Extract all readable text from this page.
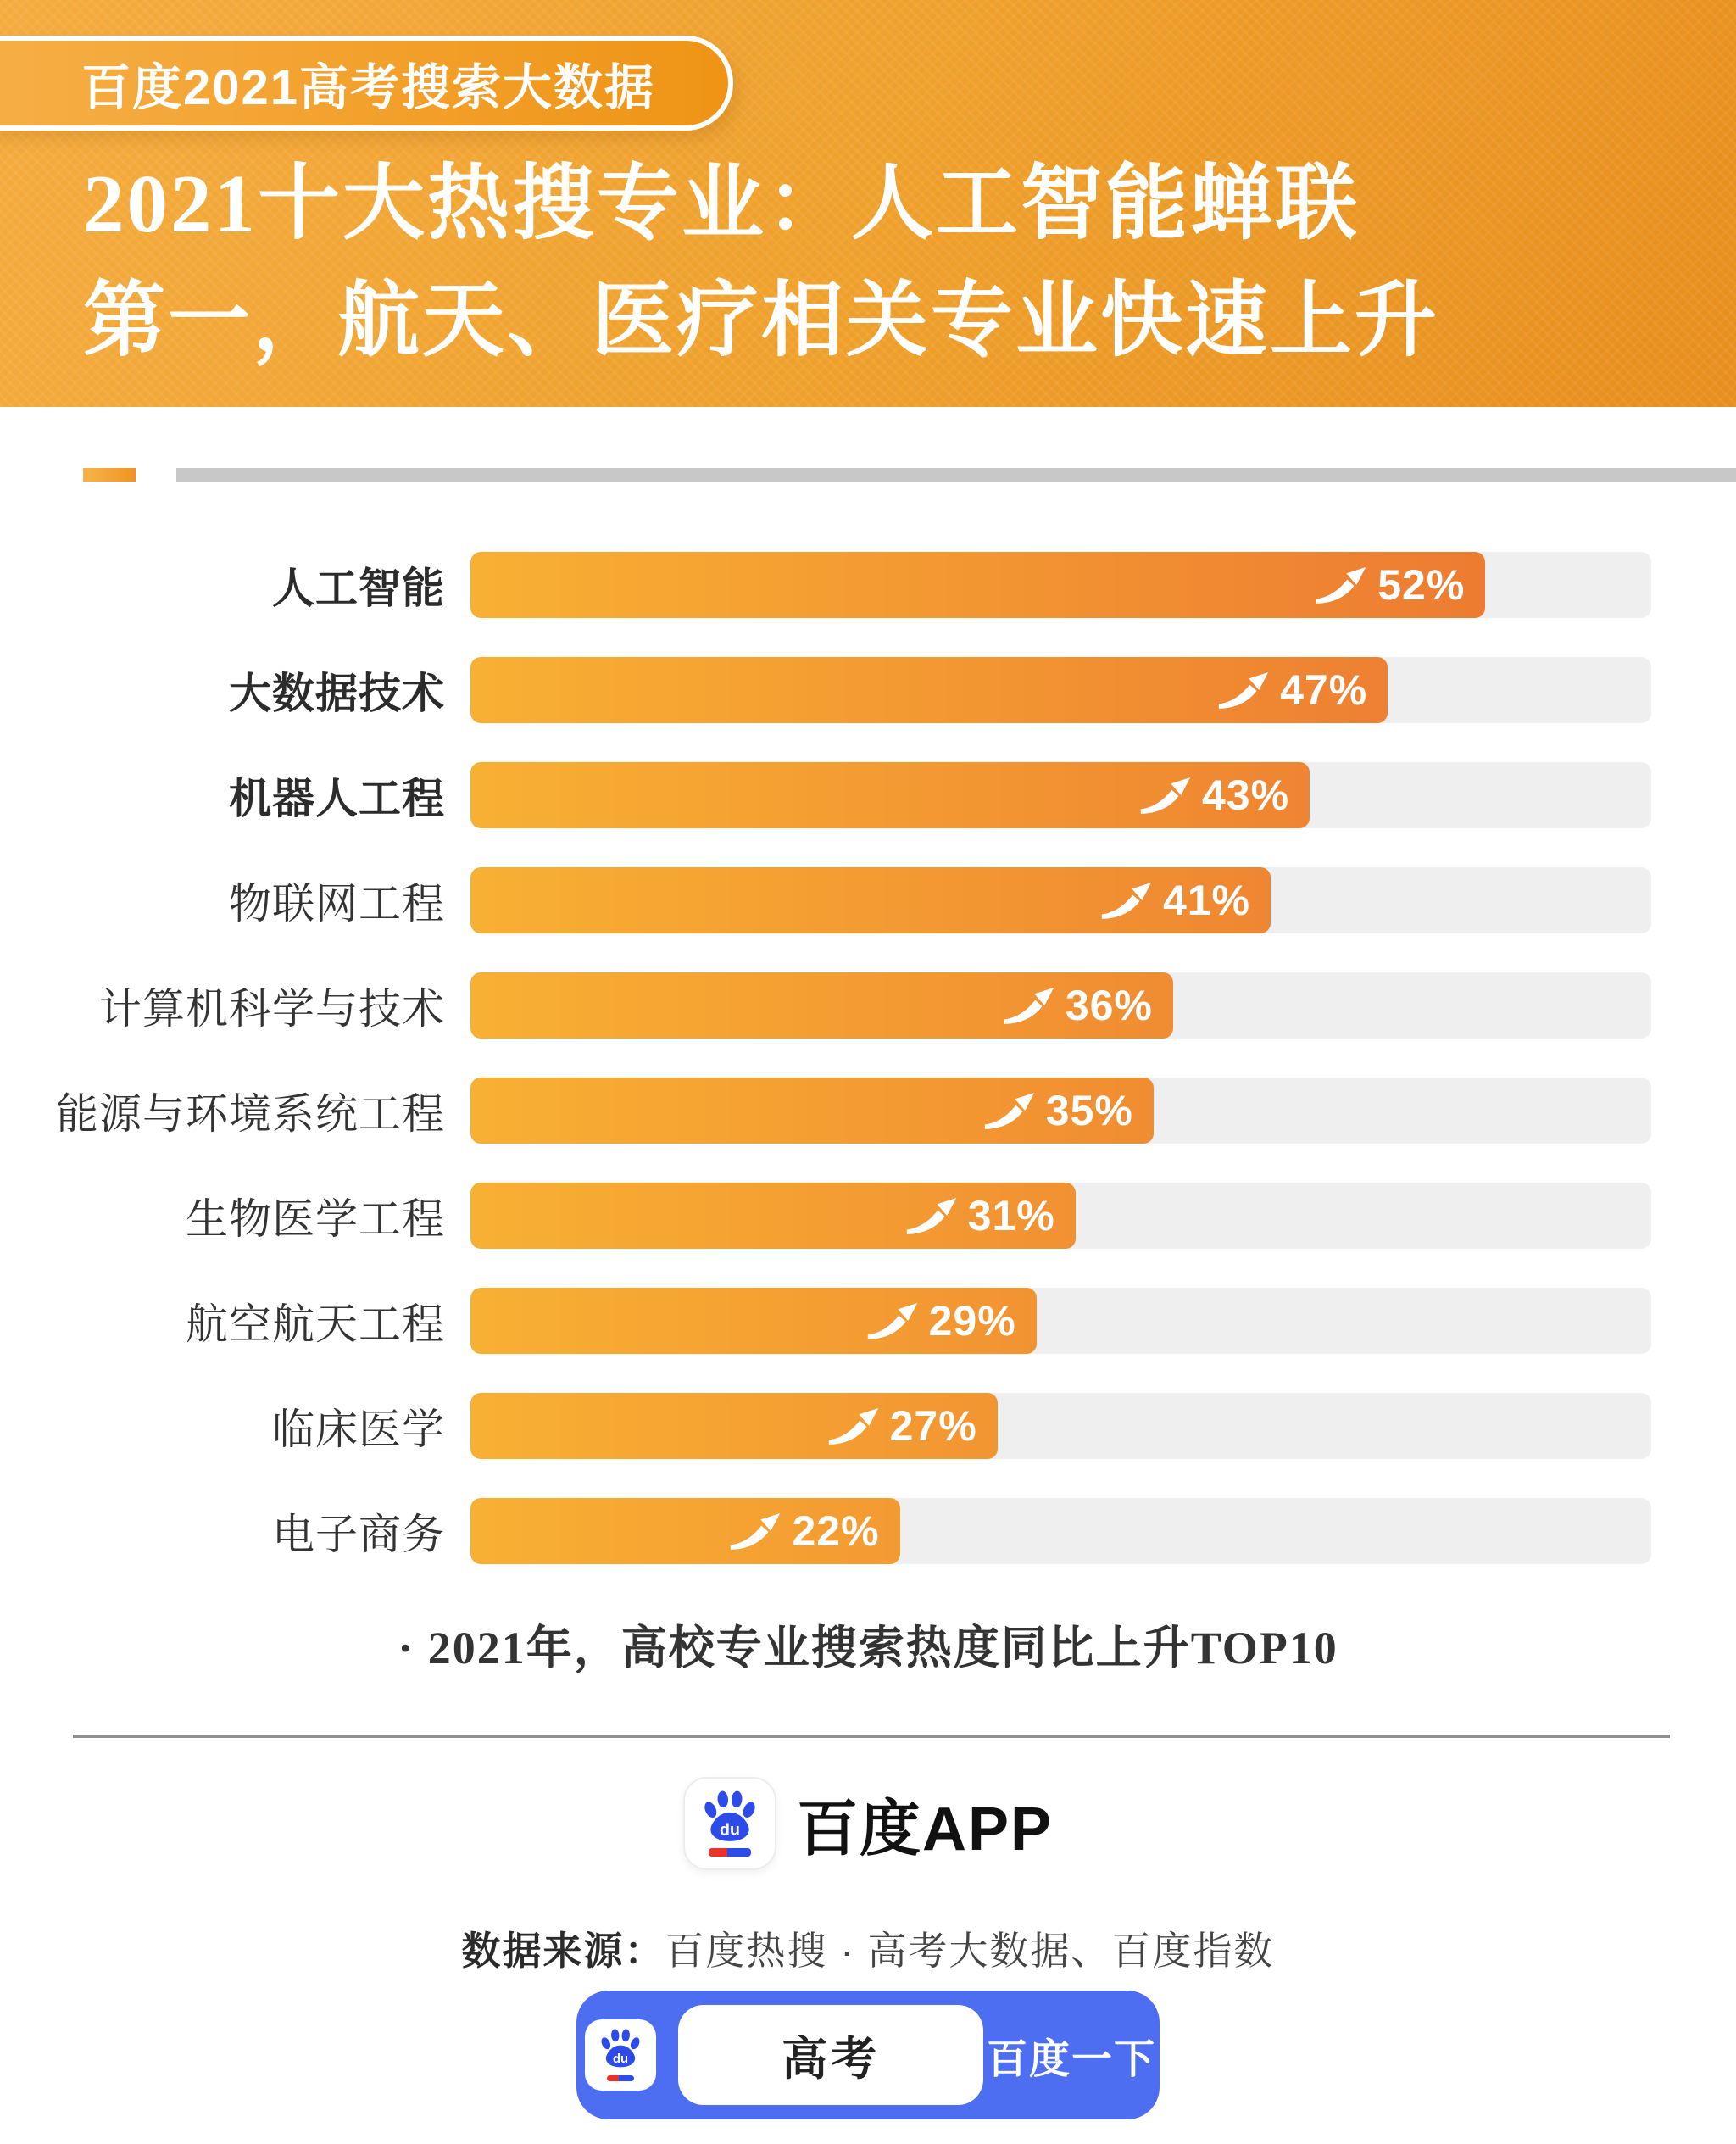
百度2021高考搜索大数据
2021十大热搜专业：人工智能蝉联
第一，航天、医疗相关专业快速上升
人工智能	52%
大数据技术	47%
机器人工程	43%
物联网工程	41%
计算机科学与技术	36%
能源与环境系统工程	35%
生物医学工程	31%
航空航天工程	29%
临床医学	27%
电子商务	22%
· 2021年，高校专业搜索热度同比上升TOP10
du 百度APP
数据来源：百度热搜 · 高考大数据、百度指数
du	高考	百度一下
